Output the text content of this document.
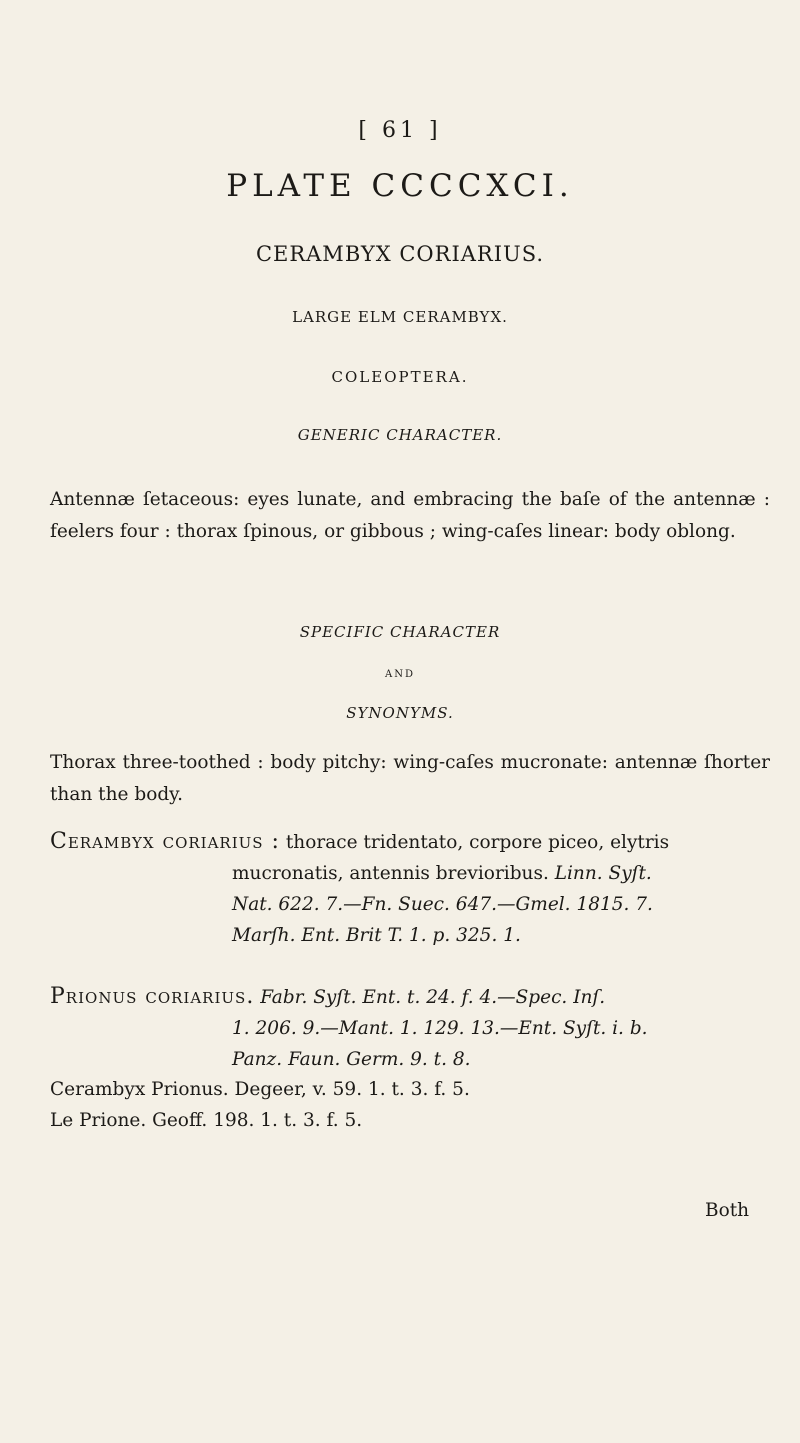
[ 61 ]
PLATE CCCCXCI.
CERAMBYX CORIARIUS.
LARGE ELM CERAMBYX.
COLEOPTERA.
GENERIC CHARACTER.
Antennæ ſetaceous: eyes lunate, and embracing the baſe of the antennæ : feelers four : thorax ſpinous, or gibbous ; wing-caſes linear: body oblong.
SPECIFIC CHARACTER
AND
SYNONYMS.
Thorax three-toothed : body pitchy: wing-caſes mucronate: antennæ ſhorter than the body.
Cerambyx coriarius : thorace tridentato, corpore piceo, elytris
mucronatis, antennis brevioribus. Linn. Syſt.
Nat. 622. 7.—Fn. Suec. 647.—Gmel. 1815. 7.
Marſh. Ent. Brit T. 1. p. 325. 1.
Prionus coriarius. Fabr. Syſt. Ent. t. 24. f. 4.—Spec. Inſ.
1. 206. 9.—Mant. 1. 129. 13.—Ent. Syſt. i. b.
Panz. Faun. Germ. 9. t. 8.
Cerambyx Prionus. Degeer, v. 59. 1. t. 3. f. 5.
Le Prione. Geoff. 198. 1. t. 3. f. 5.
Both
